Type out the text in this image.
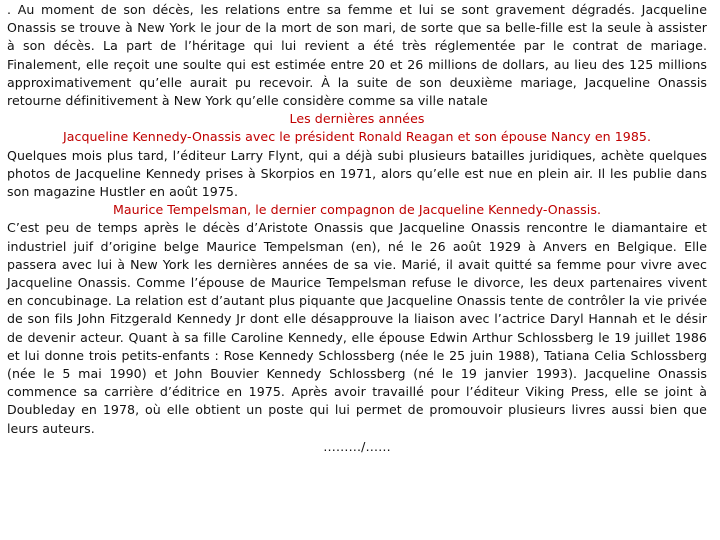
. Au moment de son décès, les relations entre sa femme et lui se sont gravement dégradés. Jacqueline Onassis se trouve à New York le jour de la mort de son mari, de sorte que sa belle-fille est la seule à assister à son décès. La part de l’héritage qui lui revient a été très réglementée par le contrat de mariage. Finalement, elle reçoit une soulte qui est estimée entre 20 et 26 millions de dollars, au lieu des 125 millions approximativement qu’elle aurait pu recevoir. À la suite de son deuxième mariage, Jacqueline Onassis retourne définitivement à New York qu’elle considère comme sa ville natale

Les dernières années

Jacqueline Kennedy-Onassis avec le président Ronald Reagan et son épouse Nancy en 1985.

Quelques mois plus tard, l’éditeur Larry Flynt, qui a déjà subi plusieurs batailles juridiques, achète quelques photos de Jacqueline Kennedy prises à Skorpios en 1971, alors qu’elle est nue en plein air. Il les publie dans son magazine Hustler en août 1975.

Maurice Tempelsman, le dernier compagnon de Jacqueline Kennedy-Onassis.

C’est peu de temps après le décès d’Aristote Onassis que Jacqueline Onassis rencontre le diamantaire et industriel juif d’origine belge Maurice Tempelsman (en), né le 26 août 1929 à Anvers en Belgique. Elle passera avec lui à New York les dernières années de sa vie. Marié, il avait quitté sa femme pour vivre avec Jacqueline Onassis. Comme l’épouse de Maurice Tempelsman refuse le divorce, les deux partenaires vivent en concubinage. La relation est d’autant plus piquante que Jacqueline Onassis tente de contrôler la vie privée de son fils John Fitzgerald Kennedy Jr dont elle désapprouve la liaison avec l’actrice Daryl Hannah et le désir de devenir acteur. Quant à sa fille Caroline Kennedy, elle épouse Edwin Arthur Schlossberg le 19 juillet 1986 et lui donne trois petits-enfants : Rose Kennedy Schlossberg (née le 25 juin 1988), Tatiana Celia Schlossberg (née le 5 mai 1990) et John Bouvier Kennedy Schlossberg (né le 19 janvier 1993). Jacqueline Onassis commence sa carrière d’éditrice en 1975. Après avoir travaillé pour l’éditeur Viking Press, elle se joint à Doubleday en 1978, où elle obtient un poste qui lui permet de promouvoir plusieurs livres aussi bien que leurs auteurs.

………/……
